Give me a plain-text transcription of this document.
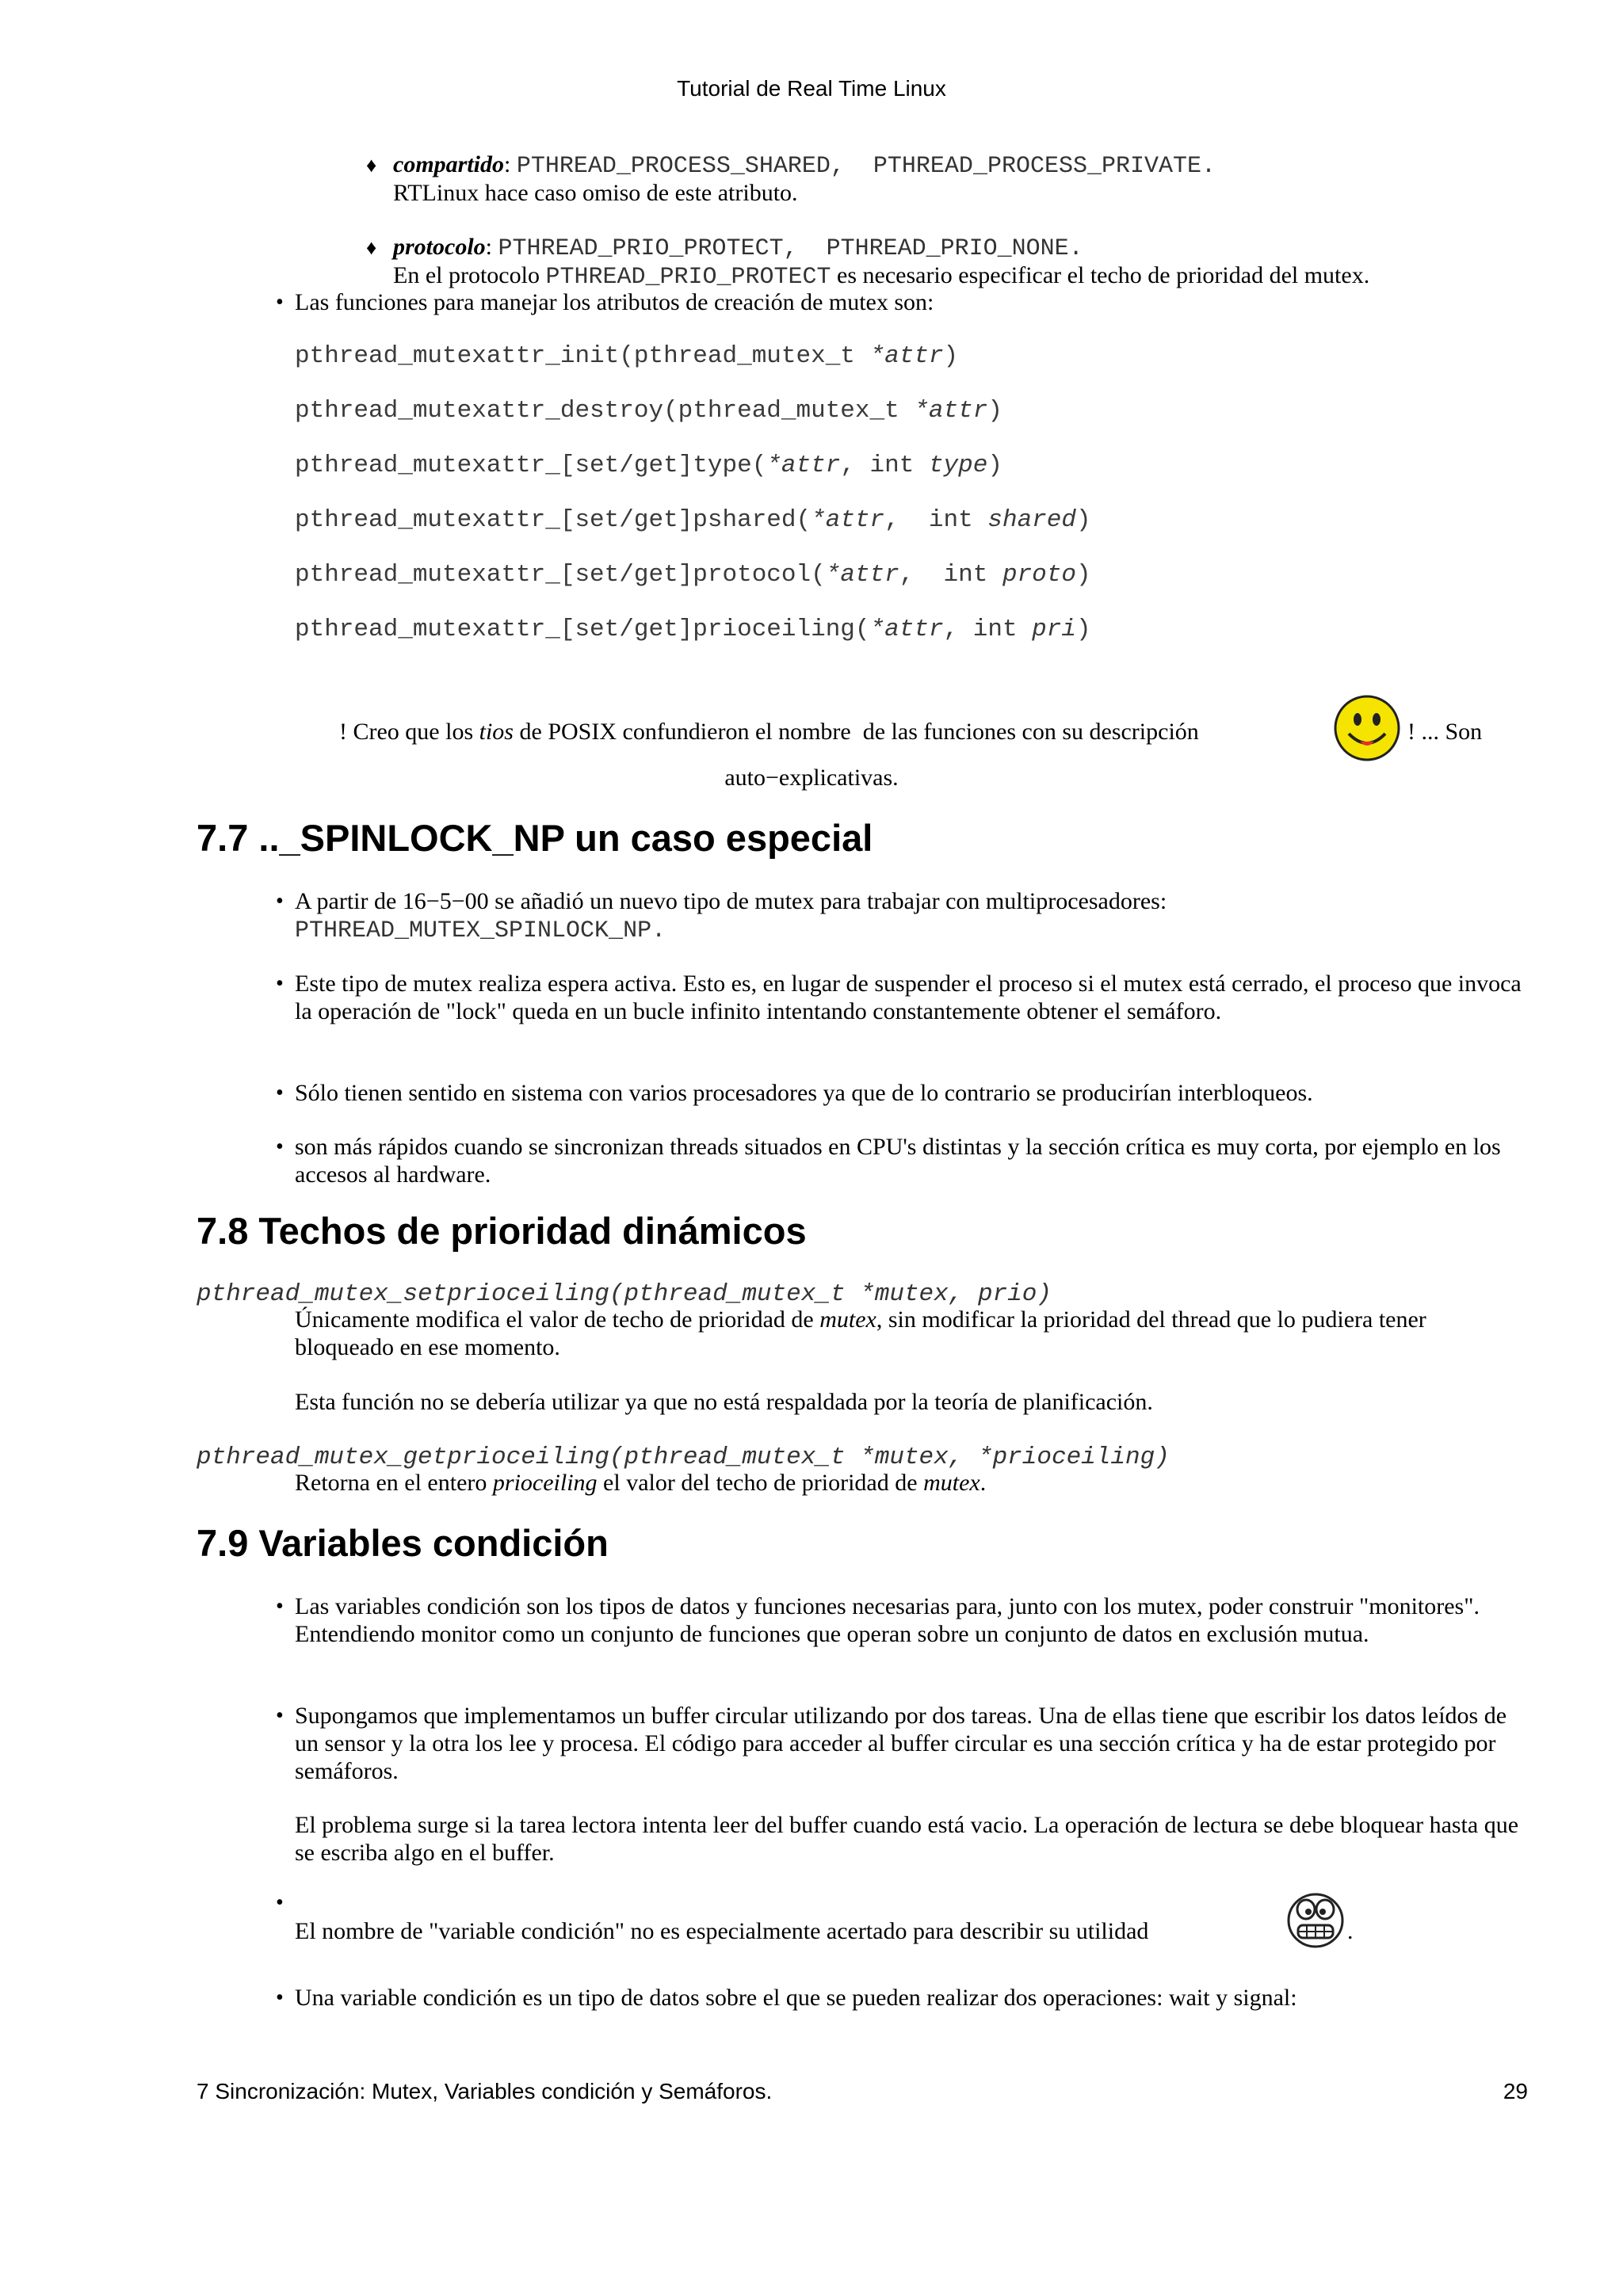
Tutorial de Real Time Linux
♦ compartido: PTHREAD_PROCESS_SHARED,  PTHREAD_PROCESS_PRIVATE.
RTLinux hace caso omiso de este atributo.
♦ protocolo: PTHREAD_PRIO_PROTECT,  PTHREAD_PRIO_NONE.
En el protocolo PTHREAD_PRIO_PROTECT es necesario especificar el techo de prioridad del mutex.
• Las funciones para manejar los atributos de creación de mutex son:
pthread_mutexattr_init(pthread_mutex_t *attr)
pthread_mutexattr_destroy(pthread_mutex_t *attr)
pthread_mutexattr_[set/get]type(*attr, int type)
pthread_mutexattr_[set/get]pshared(*attr,  int shared)
pthread_mutexattr_[set/get]protocol(*attr,  int proto)
pthread_mutexattr_[set/get]prioceiling(*attr, int pri)
! Creo que los tios de POSIX confundieron el nombre  de las funciones con su descripción	! ... Son
auto−explicativas.
7.7 .._SPINLOCK_NP un caso especial
• A partir de 16−5−00 se añadió un nuevo tipo de mutex para trabajar con multiprocesadores:
PTHREAD_MUTEX_SPINLOCK_NP.
• Este tipo de mutex realiza espera activa. Esto es, en lugar de suspender el proceso si el mutex está cerrado, el proceso que invoca la operación de "lock" queda en un bucle infinito intentando constantemente obtener el semáforo.
• Sólo tienen sentido en sistema con varios procesadores ya que de lo contrario se producirían interbloqueos.
• son más rápidos cuando se sincronizan threads situados en CPU's distintas y la sección crítica es muy corta, por ejemplo en los accesos al hardware.
7.8 Techos de prioridad dinámicos
pthread_mutex_setprioceiling(pthread_mutex_t *mutex, prio)
Únicamente modifica el valor de techo de prioridad de mutex, sin modificar la prioridad del thread que lo pudiera tener bloqueado en ese momento.
Esta función no se debería utilizar ya que no está respaldada por la teoría de planificación.
pthread_mutex_getprioceiling(pthread_mutex_t *mutex, *prioceiling)
Retorna en el entero prioceiling el valor del techo de prioridad de mutex.
7.9 Variables condición
• Las variables condición son los tipos de datos y funciones necesarias para, junto con los mutex, poder construir "monitores". Entendiendo monitor como un conjunto de funciones que operan sobre un conjunto de datos en exclusión mutua.
• Supongamos que implementamos un buffer circular utilizando por dos tareas. Una de ellas tiene que escribir los datos leídos de un sensor y la otra los lee y procesa. El código para acceder al buffer circular es una sección crítica y ha de estar protegido por semáforos.
El problema surge si la tarea lectora intenta leer del buffer cuando está vacio. La operación de lectura se debe bloquear hasta que se escriba algo en el buffer.
•
El nombre de "variable condición" no es especialmente acertado para describir su utilidad	.
• Una variable condición es un tipo de datos sobre el que se pueden realizar dos operaciones: wait y signal:
7 Sincronización: Mutex, Variables condición y Semáforos.	29
